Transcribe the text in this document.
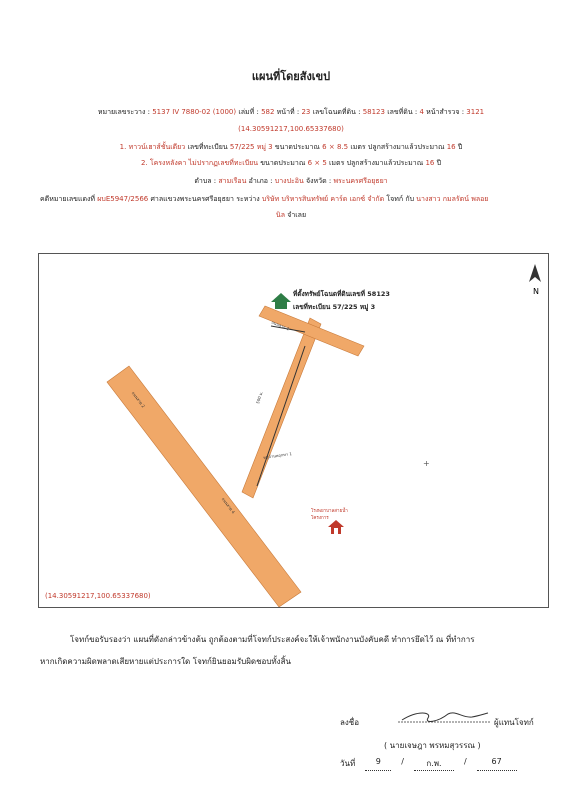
แผนที่โดยสังเขป
หมายเลขระวาง : 5137 IV 7880-02 (1000) เล่มที่ : 582 หน้าที่ : 23 เลขโฉนดที่ดิน : 58123 เลขที่ดิน : 4 หน้าสำรวจ : 3121
(14.30591217,100.65337680)
1. ทาวน์เฮาส์ชั้นเดียว เลขที่ทะเบียน 57/225 หมู่ 3 ขนาดประมาณ 6 × 8.5 เมตร ปลูกสร้างมาแล้วประมาณ 16 ปี
2. โครงหลังคา ไม่ปรากฏเลขที่ทะเบียน ขนาดประมาณ 6 × 5 เมตร ปลูกสร้างมาแล้วประมาณ 16 ปี
ตำบล : สามเรือน อำเภอ : บางปะอิน จังหวัด : พระนครศรีอยุธยา
คดีหมายเลขแดงที่ ผบE5947/2566 ศาลแขวงพระนครศรีอยุธยา ระหว่าง บริษัท บริหารสินทรัพย์ คาร์ด เอกซ์ จำกัด โจทก์ กับ นางสาว กมลรัตน์ พลอย
นิล จำเลย
N
+
ที่ตั้งทรัพย์โฉนดที่ดินเลขที่ 58123
เลขที่ทะเบียน 57/225 หมู่ 3
ถนนสาย 1
500 ม.
ถนนสาย 2
ถนนสาย 4
หมู่บ้านพฤกษา 1
โรงพยาบาลสายน้ำ
โครงการ
(14.30591217,100.65337680)
โจทก์ขอรับรองว่า แผนที่ดังกล่าวข้างต้น ถูกต้องตามที่โจทก์ประสงค์จะให้เจ้าพนักงานบังคับคดี ทำการยึดไว้ ณ ที่ทำการ
หากเกิดความผิดพลาดเสียหายแต่ประการใด โจทก์ยินยอมรับผิดชอบทั้งสิ้น
ลงชื่อ	ผู้แทนโจทก์
( นายเจษฎา พรหมสุวรรณ )
วันที่	9	/	ก.พ.	/	67
